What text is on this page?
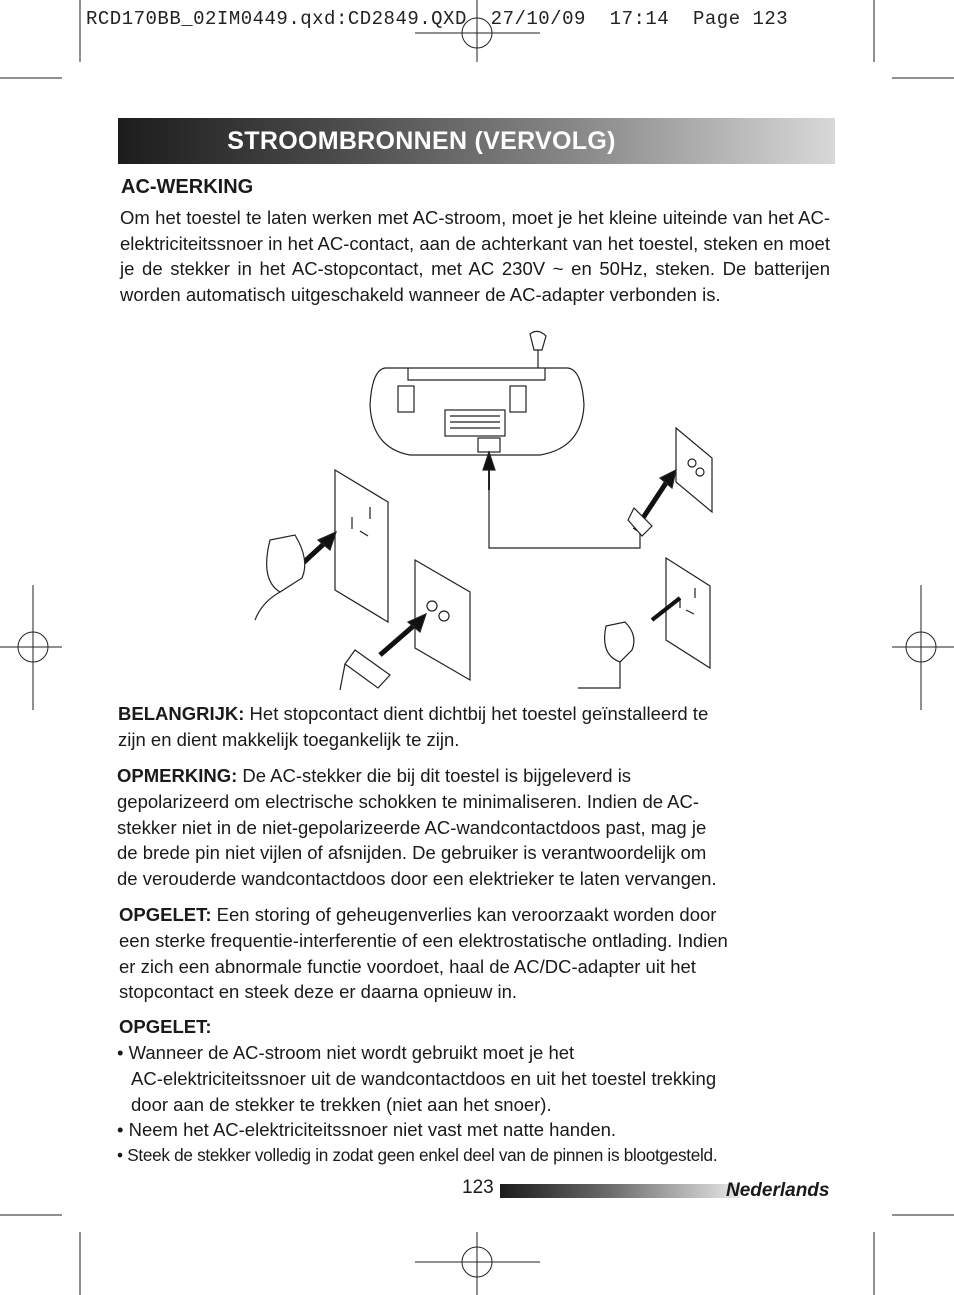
RCD170BB_02IM0449.qxd:CD2849.QXD  27/10/09  17:14  Page 123
STROOMBRONNEN (VERVOLG)
AC-WERKING
Om het toestel te laten werken met AC-stroom, moet je het kleine uiteinde van het AC-elektriciteitssnoer in het AC-contact, aan de achterkant van het toestel, steken en moet je de stekker in het AC-stopcontact, met AC 230V ~ en 50Hz, steken. De batterijen worden automatisch uitgeschakeld wanneer de AC-adapter verbonden is.
BELANGRIJK: Het stopcontact dient dichtbij het toestel geïnstalleerd te
zijn en dient makkelijk toegankelijk te zijn.
OPMERKING: De AC-stekker die bij dit toestel is bijgeleverd is
gepolarizeerd om electrische schokken te minimaliseren. Indien de AC-
stekker niet in de niet-gepolarizeerde AC-wandcontactdoos past, mag je
de brede pin niet vijlen of afsnijden. De gebruiker is verantwoordelijk om
de verouderde wandcontactdoos door een elektrieker te laten vervangen.
OPGELET: Een storing of geheugenverlies kan veroorzaakt worden door
een sterke frequentie-interferentie of een elektrostatische ontlading. Indien
er zich een abnormale functie voordoet, haal de AC/DC-adapter uit het
stopcontact en steek deze er daarna opnieuw in.
OPGELET:
• Wanneer de AC-stroom niet wordt gebruikt moet je het
AC-elektriciteitssnoer uit de wandcontactdoos en uit het toestel trekking
door aan de stekker te trekken (niet aan het snoer).
• Neem het AC-elektriciteitssnoer niet vast met natte handen.
• Steek de stekker volledig in zodat geen enkel deel van de pinnen is blootgesteld.
123	Nederlands
